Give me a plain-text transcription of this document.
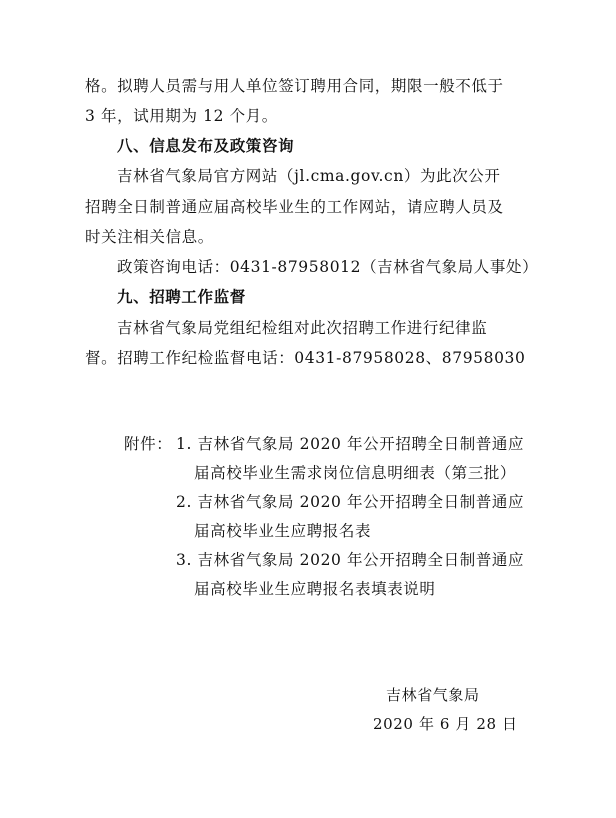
格。拟聘人员需与用人单位签订聘用合同，期限一般不低于
3 年，试用期为 12 个月。
八、信息发布及政策咨询
吉林省气象局官方网站（jl.cma.gov.cn）为此次公开
招聘全日制普通应届高校毕业生的工作网站，请应聘人员及
时关注相关信息。
政策咨询电话：0431-87958012（吉林省气象局人事处）
九、招聘工作监督
吉林省气象局党组纪检组对此次招聘工作进行纪律监
督。招聘工作纪检监督电话：0431-87958028、87958030
附件： 1. 吉林省气象局 2020 年公开招聘全日制普通应
届高校毕业生需求岗位信息明细表（第三批）
2. 吉林省气象局 2020 年公开招聘全日制普通应
届高校毕业生应聘报名表
3. 吉林省气象局 2020 年公开招聘全日制普通应
届高校毕业生应聘报名表填表说明
吉林省气象局
2020 年 6 月 28 日
